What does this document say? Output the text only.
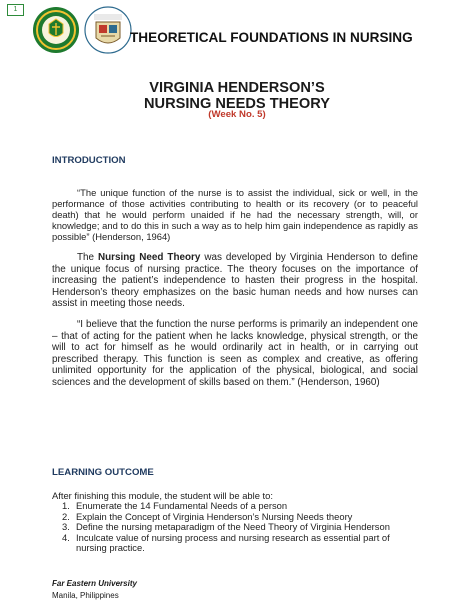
1
THEORETICAL FOUNDATIONS IN NURSING
VIRGINIA HENDERSON’S
NURSING NEEDS THEORY
(Week No. 5)
INTRODUCTION

“The unique function of the nurse is to assist the individual, sick or well, in the performance of those activities contributing to health or its recovery (or to peaceful death) that he would perform unaided if he had the necessary strength, will, or knowledge; and to do this in such a way as to help him gain independence as rapidly as possible” (Henderson, 1964)

The Nursing Need Theory was developed by Virginia Henderson to define the unique focus of nursing practice. The theory focuses on the importance of increasing the patient’s independence to hasten their progress in the hospital. Henderson’s theory emphasizes on the basic human needs and how nurses can assist in meeting those needs.

“I believe that the function the nurse performs is primarily an independent one – that of acting for the patient when he lacks knowledge, physical strength, or the will to act for himself as he would ordinarily act in health, or in carrying out prescribed therapy. This function is seen as complex and creative, as offering unlimited opportunity for the application of the physical, biological, and social sciences and the development of skills based on them.” (Henderson, 1960)

LEARNING OUTCOME
After finishing this module, the student will be able to:
1. Enumerate the 14 Fundamental Needs of a person
2. Explain the Concept of Virginia Henderson’s Nursing Needs theory
3. Define the nursing metaparadigm of the Need Theory of Virginia Henderson
4. Inculcate value of nursing process and nursing research as essential part of nursing practice.
Far Eastern University
Manila, Philippines
